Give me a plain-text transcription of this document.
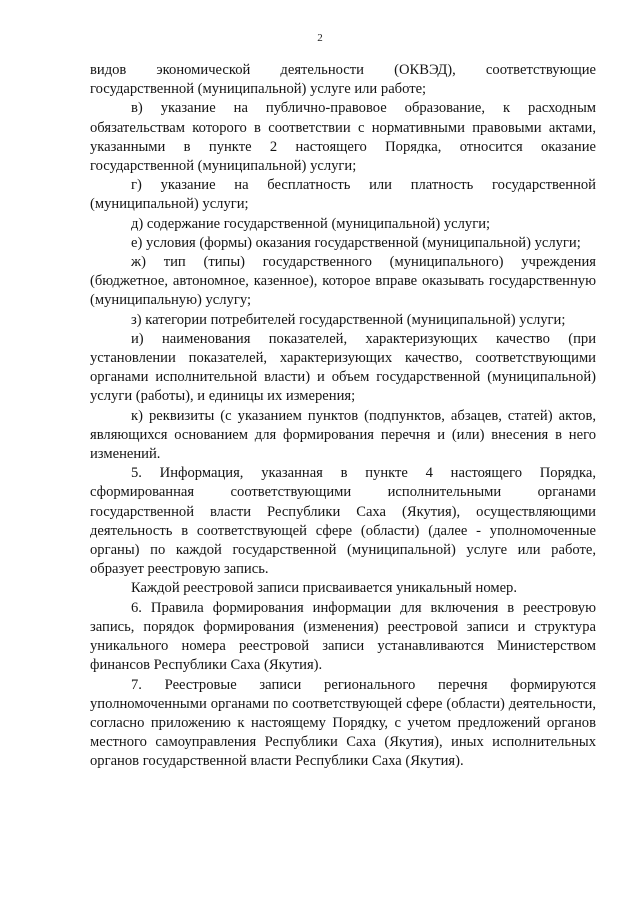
2

видов экономической деятельности (ОКВЭД), соответствующие государственной (муниципальной) услуге или работе;

в) указание на публично-правовое образование, к расходным обязательствам которого в соответствии с нормативными правовыми актами, указанными в пункте 2 настоящего Порядка, относится оказание государственной (муниципальной) услуги;

г) указание на бесплатность или платность государственной (муниципальной) услуги;

д) содержание государственной (муниципальной) услуги;

е) условия (формы) оказания государственной (муниципальной) услуги;

ж) тип (типы) государственного (муниципального) учреждения (бюджетное, автономное, казенное), которое вправе оказывать государственную (муниципальную) услугу;

з) категории потребителей государственной (муниципальной) услуги;

и) наименования показателей, характеризующих качество (при установлении показателей, характеризующих качество, соответствующими органами исполнительной власти) и объем государственной (муниципальной) услуги (работы), и единицы их измерения;

к) реквизиты (с указанием пунктов (подпунктов, абзацев, статей) актов, являющихся основанием для формирования перечня и (или) внесения в него изменений.

5. Информация, указанная в пункте 4 настоящего Порядка, сформированная соответствующими исполнительными органами государственной власти Республики Саха (Якутия), осуществляющими деятельность в соответствующей сфере (области) (далее - уполномоченные органы) по каждой государственной (муниципальной) услуге или работе, образует реестровую запись.

Каждой реестровой записи присваивается уникальный номер.

6. Правила формирования информации для включения в реестровую запись, порядок формирования (изменения) реестровой записи и структура уникального номера реестровой записи устанавливаются Министерством финансов Республики Саха (Якутия).

7. Реестровые записи регионального перечня формируются уполномоченными органами по соответствующей сфере (области) деятельности, согласно приложению к настоящему Порядку, с учетом предложений органов местного самоуправления Республики Саха (Якутия), иных исполнительных органов государственной власти Республики Саха (Якутия).
